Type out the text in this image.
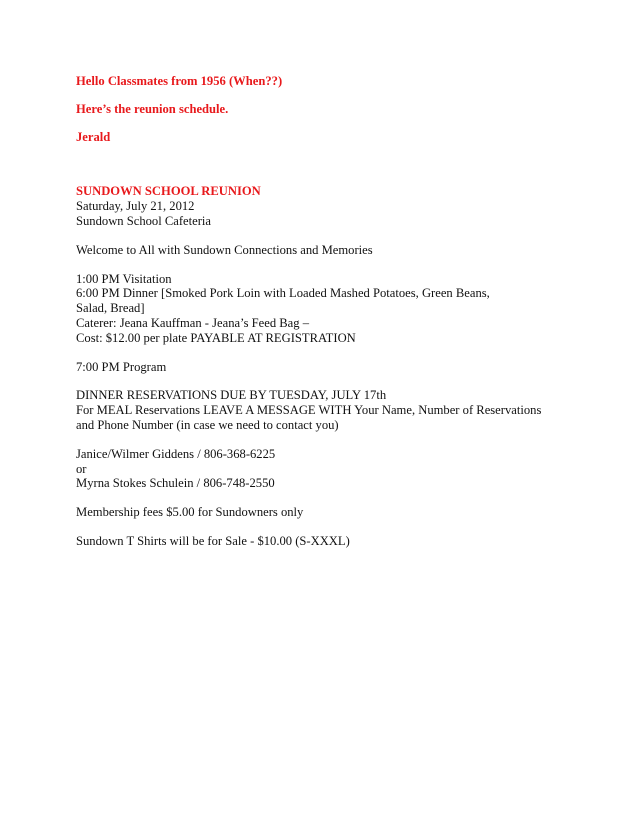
Hello Classmates from 1956 (When??)

Here’s the reunion schedule.

Jerald

SUNDOWN SCHOOL REUNION

Saturday, July 21, 2012

Sundown School Cafeteria

Welcome to All with Sundown Connections and Memories

1:00 PM Visitation

6:00 PM Dinner [Smoked Pork Loin with Loaded Mashed Potatoes, Green Beans,

Salad, Bread]

Caterer: Jeana Kauffman - Jeana’s Feed Bag –

Cost: $12.00 per plate PAYABLE AT REGISTRATION

7:00 PM Program

DINNER RESERVATIONS DUE BY TUESDAY, JULY 17th

For MEAL Reservations LEAVE A MESSAGE WITH Your Name, Number of Reservations

and Phone Number (in case we need to contact you)

Janice/Wilmer Giddens / 806-368-6225

or

Myrna Stokes Schulein / 806-748-2550

Membership fees $5.00 for Sundowners only

Sundown T Shirts will be for Sale - $10.00 (S-XXXL)
